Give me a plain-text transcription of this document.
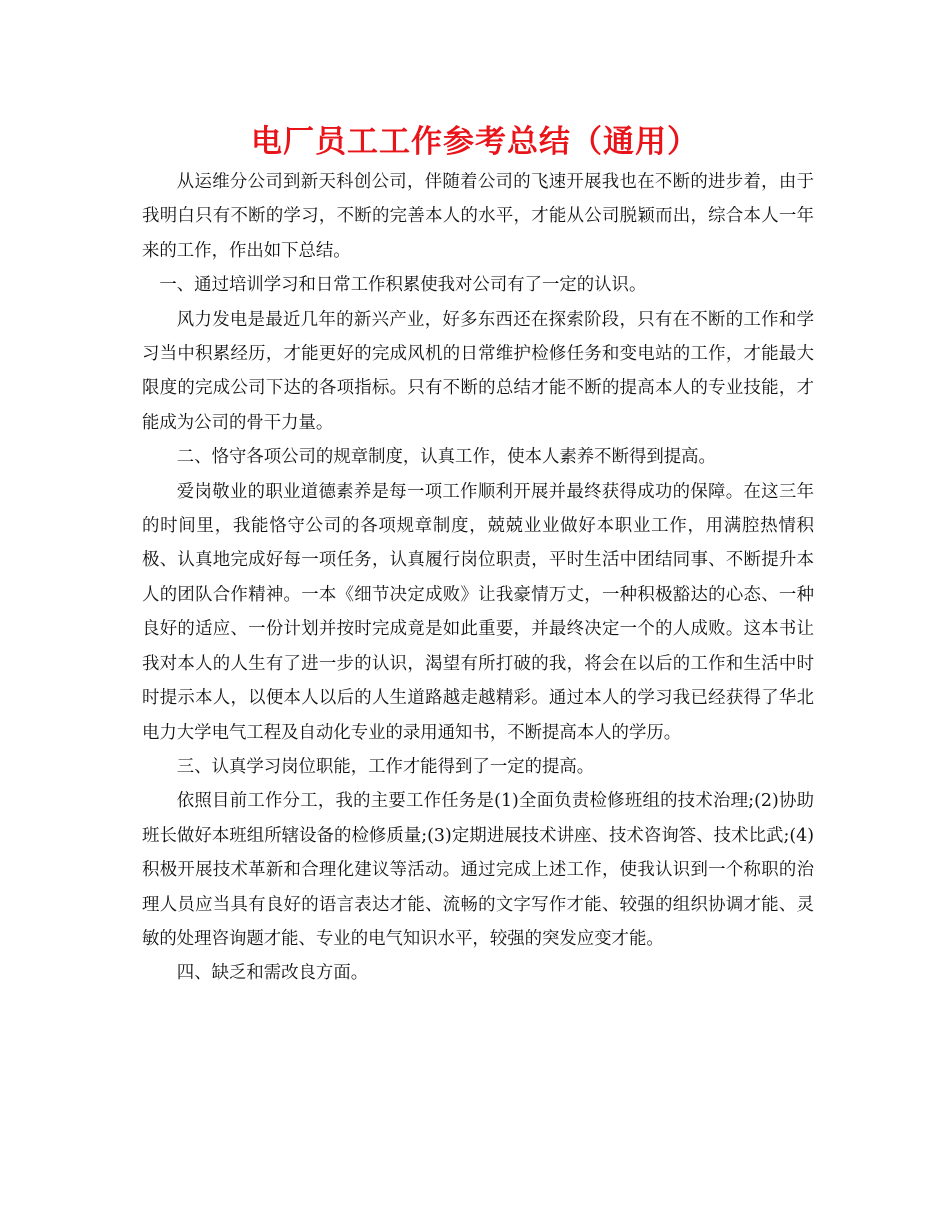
电厂员工工作参考总结（通用）

从运维分公司到新天科创公司，伴随着公司的飞速开展我也在不断的进步着，由于我明白只有不断的学习，不断的完善本人的水平，才能从公司脱颖而出，综合本人一年来的工作，作出如下总结。

一、通过培训学习和日常工作积累使我对公司有了一定的认识。

风力发电是最近几年的新兴产业，好多东西还在探索阶段，只有在不断的工作和学习当中积累经历，才能更好的完成风机的日常维护检修任务和变电站的工作，才能最大限度的完成公司下达的各项指标。只有不断的总结才能不断的提高本人的专业技能，才能成为公司的骨干力量。

二、恪守各项公司的规章制度，认真工作，使本人素养不断得到提高。

爱岗敬业的职业道德素养是每一项工作顺利开展并最终获得成功的保障。在这三年的时间里，我能恪守公司的各项规章制度，兢兢业业做好本职业工作，用满腔热情积极、认真地完成好每一项任务，认真履行岗位职责，平时生活中团结同事、不断提升本人的团队合作精神。一本《细节决定成败》让我豪情万丈，一种积极豁达的心态、一种良好的适应、一份计划并按时完成竟是如此重要，并最终决定一个的人成败。这本书让我对本人的人生有了进一步的认识，渴望有所打破的我，将会在以后的工作和生活中时时提示本人，以便本人以后的人生道路越走越精彩。通过本人的学习我已经获得了华北电力大学电气工程及自动化专业的录用通知书，不断提高本人的学历。

三、认真学习岗位职能，工作才能得到了一定的提高。

依照目前工作分工，我的主要工作任务是(1)全面负责检修班组的技术治理;(2)协助班长做好本班组所辖设备的检修质量;(3)定期进展技术讲座、技术咨询答、技术比武;(4)积极开展技术革新和合理化建议等活动。通过完成上述工作，使我认识到一个称职的治理人员应当具有良好的语言表达才能、流畅的文字写作才能、较强的组织协调才能、灵敏的处理咨询题才能、专业的电气知识水平，较强的突发应变才能。

四、缺乏和需改良方面。
